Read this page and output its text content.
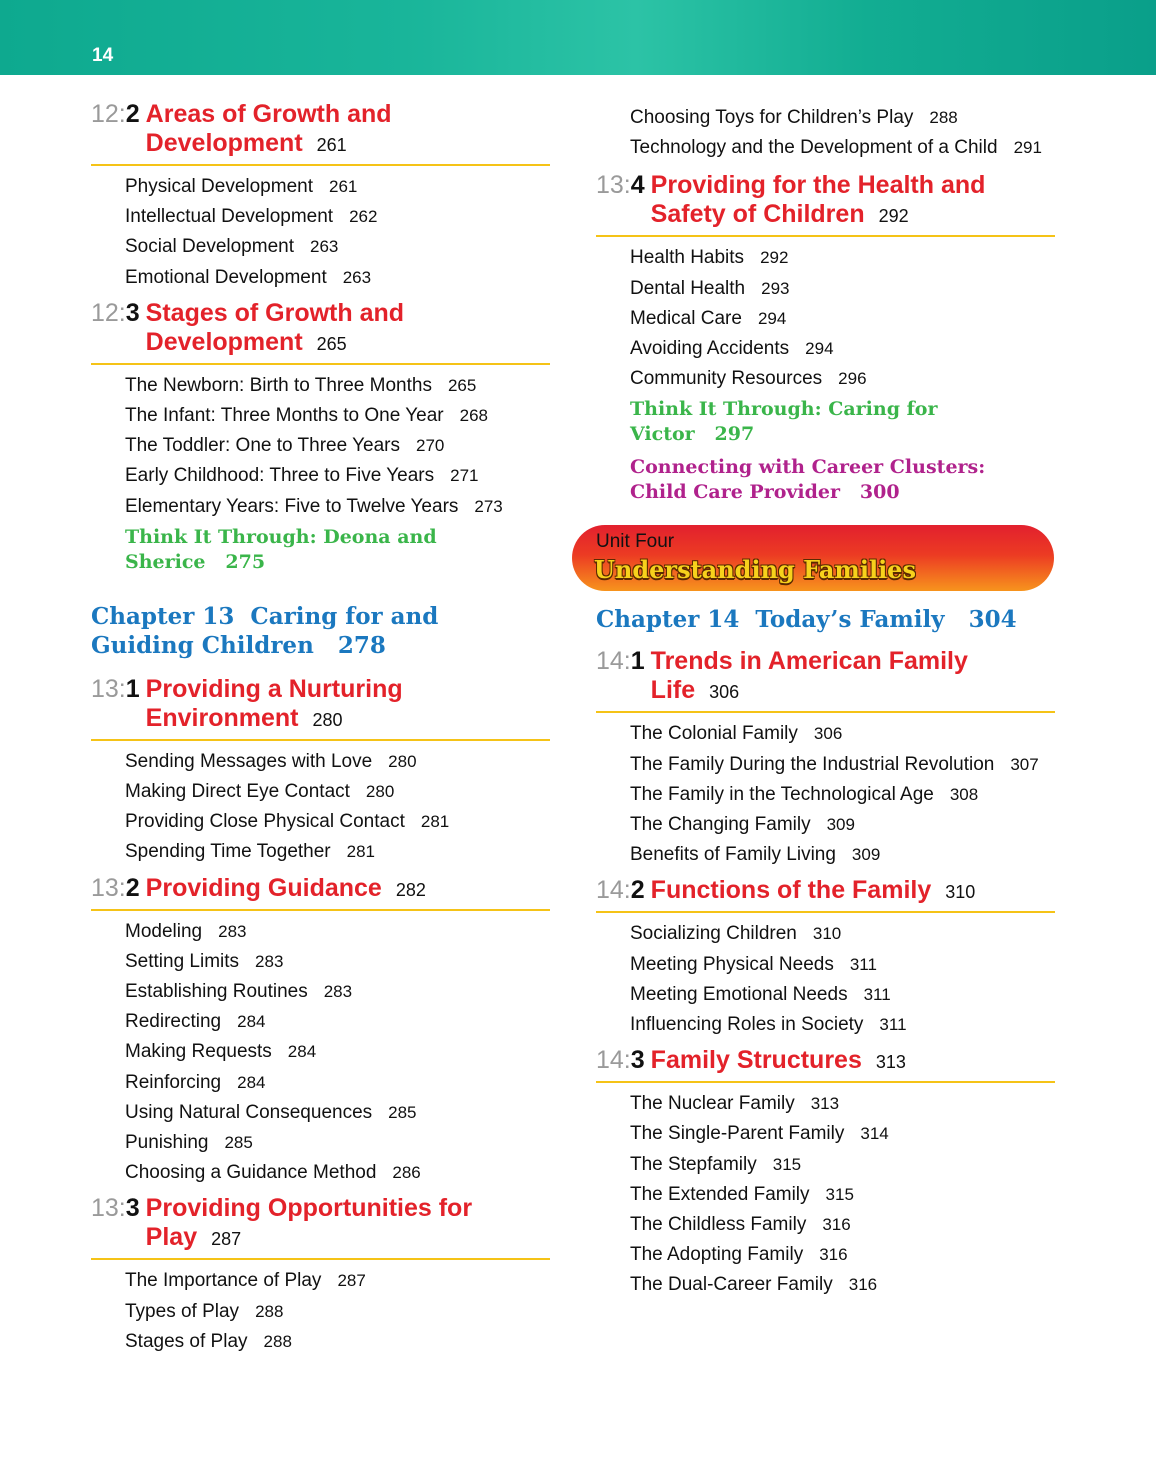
14
12:2 Areas of Growth and
Development 261
Physical Development 261
Intellectual Development 262
Social Development 263
Emotional Development 263
12:3 Stages of Growth and
Development 265
The Newborn: Birth to Three Months 265
The Infant: Three Months to One Year 268
The Toddler: One to Three Years 270
Early Childhood: Three to Five Years 271
Elementary Years: Five to Twelve Years 273
Think It Through: Deona and
Sherice 275
Chapter 13 Caring for and
Guiding Children 278
13:1 Providing a Nurturing
Environment 280
Sending Messages with Love 280
Making Direct Eye Contact 280
Providing Close Physical Contact 281
Spending Time Together 281
13:2 Providing Guidance 282
Modeling 283
Setting Limits 283
Establishing Routines 283
Redirecting 284
Making Requests 284
Reinforcing 284
Using Natural Consequences 285
Punishing 285
Choosing a Guidance Method 286
13:3 Providing Opportunities for
Play 287
The Importance of Play 287
Types of Play 288
Stages of Play 288
Choosing Toys for Children’s Play 288
Technology and the Development of a Child 291
13:4 Providing for the Health and
Safety of Children 292
Health Habits 292
Dental Health 293
Medical Care 294
Avoiding Accidents 294
Community Resources 296
Think It Through: Caring for
Victor 297
Connecting with Career Clusters:
Child Care Provider 300
Unit Four
Understanding Families
Chapter 14 Today’s Family 304
14:1 Trends in American Family Life 306
The Colonial Family 306
The Family During the Industrial Revolution 307
The Family in the Technological Age 308
The Changing Family 309
Benefits of Family Living 309
14:2 Functions of the Family 310
Socializing Children 310
Meeting Physical Needs 311
Meeting Emotional Needs 311
Influencing Roles in Society 311
14:3 Family Structures 313
The Nuclear Family 313
The Single-Parent Family 314
The Stepfamily 315
The Extended Family 315
The Childless Family 316
The Adopting Family 316
The Dual-Career Family 316
